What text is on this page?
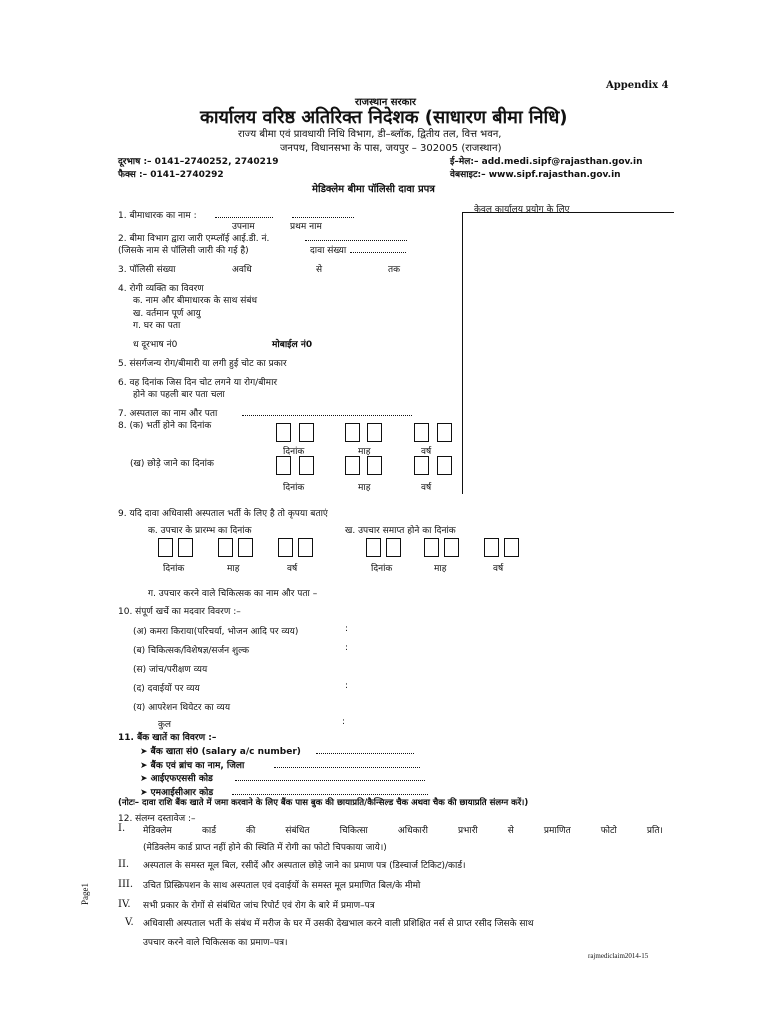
Appendix 4
राजस्थान सरकार
कार्यालय वरिष्ठ अतिरिक्त निदेशक (साधारण बीमा निधि)
राज्य बीमा एवं प्रावधायी निधि विभाग, डी–ब्लॉक, द्वितीय तल, वित्त भवन,
जनपथ, विधानसभा के पास, जयपुर – 302005 (राजस्थान)
दूरभाष :– 0141–2740252, 2740219
फैक्स :– 0141–2740292
ई–मेल:– add.medi.sipf@rajasthan.gov.in
वेबसाइट:– www.sipf.rajasthan.gov.in
मेडिक्लेम बीमा पॉलिसी दावा प्रपत्र
केवल कार्यालय प्रयोग के लिए
1. बीमाधारक का नाम :
उपनाम	प्रथम नाम
2. बीमा विभाग द्वारा जारी एम्प्लॉई आई.डी. नं.
(जिसके नाम से पॉलिसी जारी की गई है)	दावा संख्या
3. पॉलिसी संख्या	अवधि	से	तक
4. रोगी व्यक्ति का विवरण
क. नाम और बीमाधारक के साथ संबंध
ख. वर्तमान पूर्ण आयु
ग. घर का पता
ध दूरभाष नं0	मोबाईल नं0
5. संसर्गजन्य रोग/बीमारी या लगी हुई चोट का प्रकार
6. वह दिनांक जिस दिन चोट लगने या रोग/बीमार
होने का पहली बार पता चला
7. अस्पताल का नाम और पता
8. (क) भर्ती होने का दिनांक
दिनांक	माह	वर्ष
(ख) छोड़े जाने का दिनांक
दिनांक	माह	वर्ष
9. यदि दावा अधिवासी अस्पताल भर्ती के लिए है तो कृपया बताएं
क. उपचार के प्रारम्भ का दिनांक	ख. उपचार समाप्त होने का दिनांक
दिनांक	माह	वर्ष	दिनांक	माह	वर्ष
ग. उपचार करने वाले चिकित्सक का नाम और पता –
10. संपूर्ण खर्चे का मदवार विवरण :–
(अ) कमरा किराया(परिचर्या, भोजन आदि पर व्यय)	:
(ब) चिकित्सक/विशेषज्ञ/सर्जन शुल्क	:
(स) जांच/परीक्षण व्यय
(द) दवाईयों पर व्यय	:
(य) आपरेशन थियेटर का व्यय
कुल	:
11. बैंक खातें का विवरण :–
➤ बैंक खाता सं0 (salary a/c number)
➤ बैंक एवं ब्रांच का नाम, जिला
➤ आईएफएससी कोड
➤ एमआईसीआर कोड
(नोटः– दावा राशि बैंक खाते में जमा करवाने के लिए बैंक पास बुक की छायाप्रति/कैन्सिल्ड चैक अथवा चैक की छायाप्रति संलग्न करें।)
12. संलग्न दस्तावेज :–
I. मेडिक्लेम	कार्ड	की	संबंधित	चिकित्सा	अधिकारी	प्रभारी	से	प्रमाणित	फोटो	प्रति।
(मेडिक्लेम कार्ड प्राप्त नहीं होने की स्थिति में रोगी का फोटो चिपकाया जाये।)
II. अस्पताल के समस्त मूल बिल, रसीदें और अस्पताल छोड़े जाने का प्रमाण पत्र (डिस्चार्ज टिकिट)/कार्ड।
III. उचित प्रिस्क्रिपशन के साथ अस्पताल एवं दवाईयों के समस्त मूल प्रमाणित बिल/के मीमो
IV. सभी प्रकार के रोगों से संबंधित जांच रिपोर्ट एवं रोग के बारे में प्रमाण–पत्र
V. अधिवासी अस्पताल भर्ती के संबंध में मरीज के घर में उसकी देखभाल करने वाली प्रशिक्षित नर्स से प्राप्त रसीद जिसके साथ
उपचार करने वाले चिकित्सक का प्रमाण–पत्र।
rajmediclaim2014-15
Page1
